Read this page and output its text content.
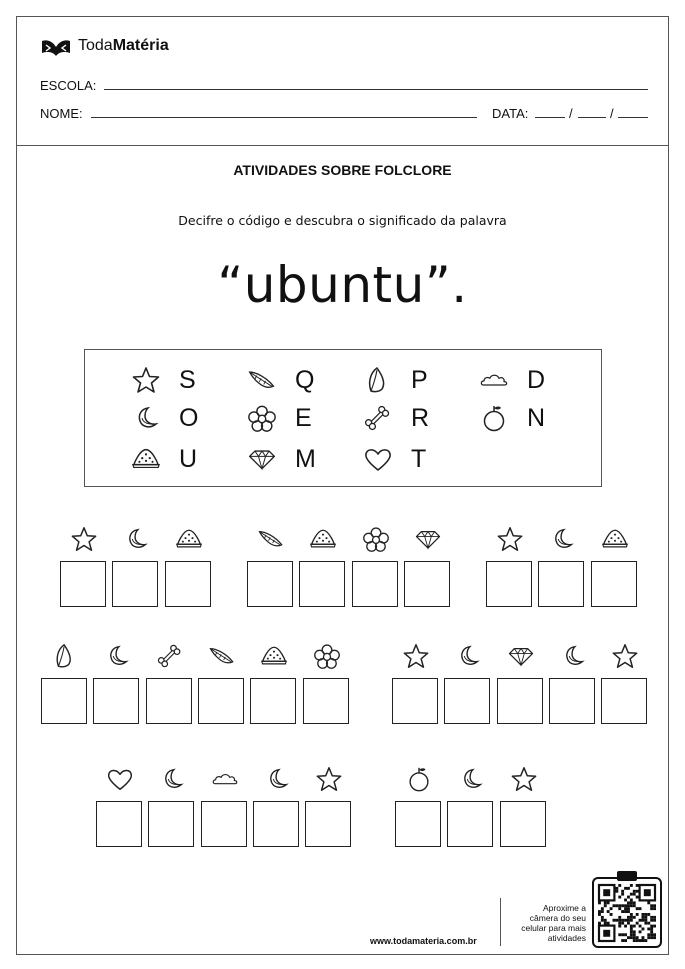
TodaMatéria
ESCOLA:
NOME:	DATA:	/	/
ATIVIDADES SOBRE FOLCLORE
Decifre o código e descubra o significado da palavra
“ubuntu”.
S	Q	P	D
O	E	R	N
U	M	T
www.todamateria.com.br
Aproxime a
câmera do seu
celular para mais
atividades
